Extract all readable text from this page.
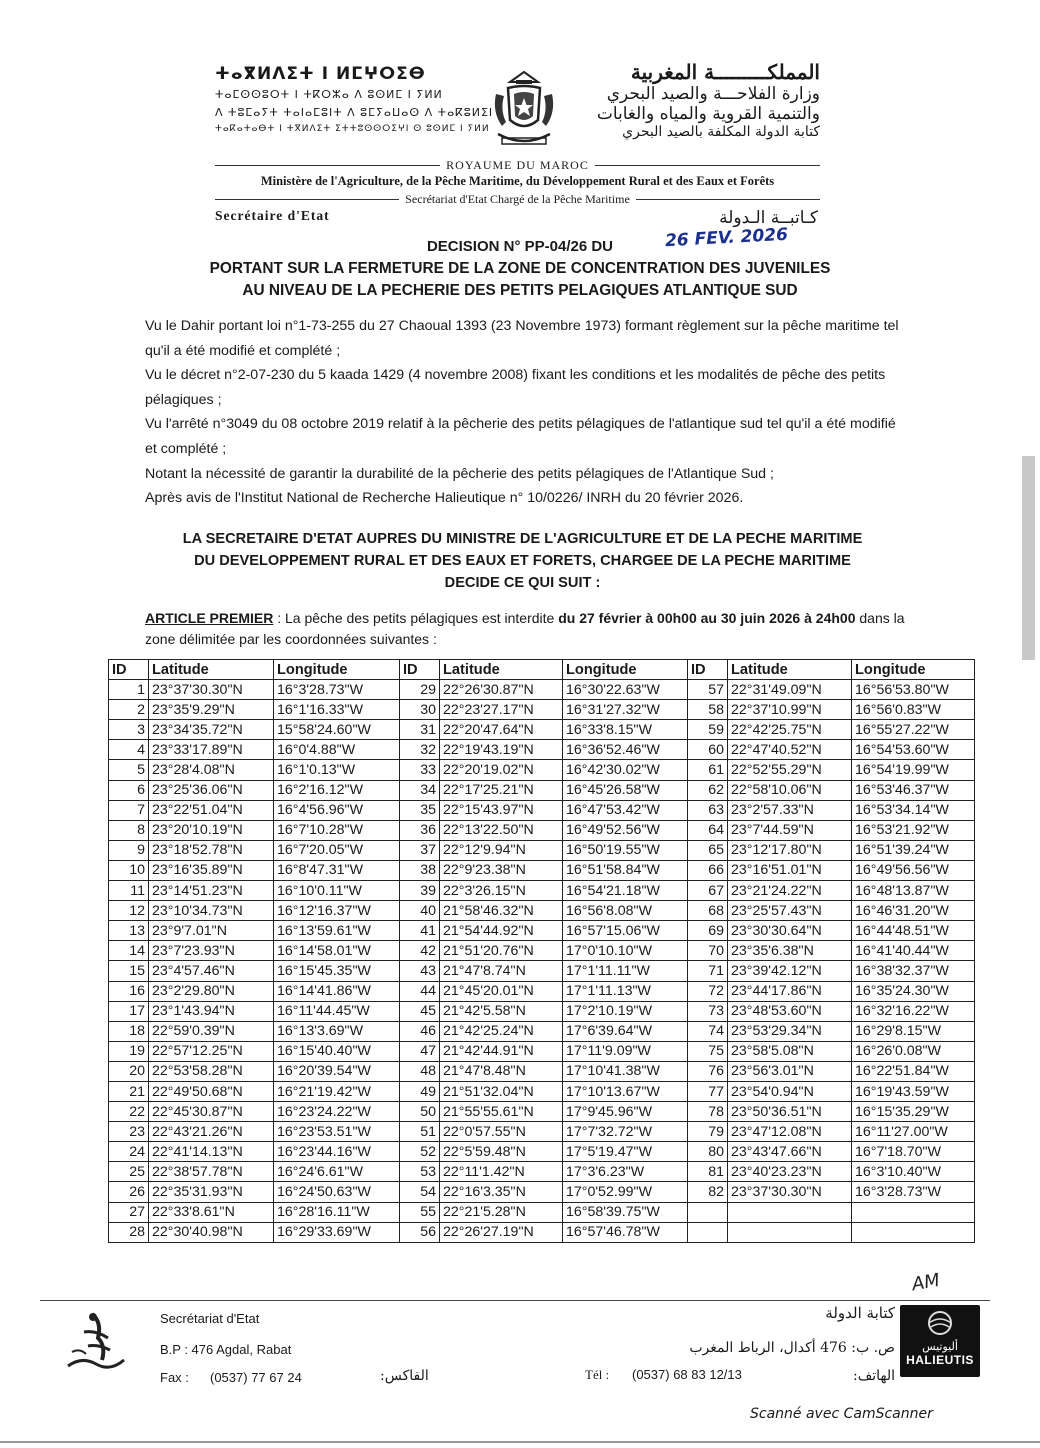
ⵜⴰⴳⵍⴷⵉⵜ ⵏ ⵍⵎⵖⵔⵉⴱ
ⵜⴰⵎⵙⵙⵓⵔⵜ ⵏ ⵜⴽⵔⵣⴰ ⴷ ⵓⵙⵍⵎ ⵏ ⵢⵍⵍ
ⴷ ⵜⵓⵎⴰⵢⵜ ⵜⴰⵏⴰⵎⵓⵏⵜ ⴷ ⵓⵎⵢⴰⵡⴰⵙ ⴷ ⵜⴰⴽⵓⵍⵉⵏ
ⵜⴰⴽⴰⵜⴰⴱⵜ ⵏ ⵜⴳⵍⴷⵉⵜ ⵉⵜⵜⵓⵙⵙⵔⵉⵖⵏ ⵙ ⵓⵙⵍⵎ ⵏ ⵢⵍⵍ
المملكـــــــــة المغربية
وزارة الفلاحـــة والصيد البحري
والتنمية القروية والمياه والغابات
كتابة الدولة المكلفة بالصيد البحري
ROYAUME DU MAROC
Ministère de l'Agriculture, de la Pêche Maritime, du Développement Rural et des Eaux et Forêts
Secrétariat d'Etat Chargé de la Pêche Maritime
Secrétaire d'Etat	كـاتبــة الـدولة
DECISION N° PP-04/26 DU	26 FEV. 2026
PORTANT SUR LA FERMETURE DE LA ZONE DE CONCENTRATION DES JUVENILES
AU NIVEAU DE LA PECHERIE DES PETITS PELAGIQUES ATLANTIQUE SUD

Vu le Dahir portant loi n°1-73-255 du 27 Chaoual 1393 (23 Novembre 1973) formant règlement sur la pêche maritime tel qu'il a été modifié et complété ;

Vu le décret n°2-07-230 du 5 kaada 1429 (4 novembre 2008) fixant les conditions et les modalités de pêche des petits pélagiques ;

Vu l'arrêté n°3049 du 08 octobre 2019 relatif à la pêcherie des petits pélagiques de l'atlantique sud tel qu'il a été modifié et complété ;

Notant la nécessité de garantir la durabilité de la pêcherie des petits pélagiques de l'Atlantique Sud ;

Après avis de l'Institut National de Recherche Halieutique n° 10/0226/ INRH du 20 février 2026.

LA SECRETAIRE D'ETAT AUPRES DU MINISTRE DE L'AGRICULTURE ET DE LA PECHE MARITIME
DU DEVELOPPEMENT RURAL ET DES EAUX ET FORETS, CHARGEE DE LA PECHE MARITIME
DECIDE CE QUI SUIT :
ARTICLE PREMIER : La pêche des petits pélagiques est interdite du 27 février à 00h00 au 30 juin 2026 à 24h00 dans la zone délimitée par les coordonnées suivantes :
ID	Latitude	Longitude	ID	Latitude	Longitude	ID	Latitude	Longitude
1	23°37'30.30"N	16°3'28.73"W	29	22°26'30.87"N	16°30'22.63"W	57	22°31'49.09"N	16°56'53.80"W
2	23°35'9.29"N	16°1'16.33"W	30	22°23'27.17"N	16°31'27.32"W	58	22°37'10.99"N	16°56'0.83"W
3	23°34'35.72"N	15°58'24.60"W	31	22°20'47.64"N	16°33'8.15"W	59	22°42'25.75"N	16°55'27.22"W
4	23°33'17.89"N	16°0'4.88"W	32	22°19'43.19"N	16°36'52.46"W	60	22°47'40.52"N	16°54'53.60"W
5	23°28'4.08"N	16°1'0.13"W	33	22°20'19.02"N	16°42'30.02"W	61	22°52'55.29"N	16°54'19.99"W
6	23°25'36.06"N	16°2'16.12"W	34	22°17'25.21"N	16°45'26.58"W	62	22°58'10.06"N	16°53'46.37"W
7	23°22'51.04"N	16°4'56.96"W	35	22°15'43.97"N	16°47'53.42"W	63	23°2'57.33"N	16°53'34.14"W
8	23°20'10.19"N	16°7'10.28"W	36	22°13'22.50"N	16°49'52.56"W	64	23°7'44.59"N	16°53'21.92"W
9	23°18'52.78"N	16°7'20.05"W	37	22°12'9.94"N	16°50'19.55"W	65	23°12'17.80"N	16°51'39.24"W
10	23°16'35.89"N	16°8'47.31"W	38	22°9'23.38"N	16°51'58.84"W	66	23°16'51.01"N	16°49'56.56"W
11	23°14'51.23"N	16°10'0.11"W	39	22°3'26.15"N	16°54'21.18"W	67	23°21'24.22"N	16°48'13.87"W
12	23°10'34.73"N	16°12'16.37"W	40	21°58'46.32"N	16°56'8.08"W	68	23°25'57.43"N	16°46'31.20"W
13	23°9'7.01"N	16°13'59.61"W	41	21°54'44.92"N	16°57'15.06"W	69	23°30'30.64"N	16°44'48.51"W
14	23°7'23.93"N	16°14'58.01"W	42	21°51'20.76"N	17°0'10.10"W	70	23°35'6.38"N	16°41'40.44"W
15	23°4'57.46"N	16°15'45.35"W	43	21°47'8.74"N	17°1'11.11"W	71	23°39'42.12"N	16°38'32.37"W
16	23°2'29.80"N	16°14'41.86"W	44	21°45'20.01"N	17°1'11.13"W	72	23°44'17.86"N	16°35'24.30"W
17	23°1'43.94"N	16°11'44.45"W	45	21°42'5.58"N	17°2'10.19"W	73	23°48'53.60"N	16°32'16.22"W
18	22°59'0.39"N	16°13'3.69"W	46	21°42'25.24"N	17°6'39.64"W	74	23°53'29.34"N	16°29'8.15"W
19	22°57'12.25"N	16°15'40.40"W	47	21°42'44.91"N	17°11'9.09"W	75	23°58'5.08"N	16°26'0.08"W
20	22°53'58.28"N	16°20'39.54"W	48	21°47'8.48"N	17°10'41.38"W	76	23°56'3.01"N	16°22'51.84"W
21	22°49'50.68"N	16°21'19.42"W	49	21°51'32.04"N	17°10'13.67"W	77	23°54'0.94"N	16°19'43.59"W
22	22°45'30.87"N	16°23'24.22"W	50	21°55'55.61"N	17°9'45.96"W	78	23°50'36.51"N	16°15'35.29"W
23	22°43'21.26"N	16°23'53.51"W	51	22°0'57.55"N	17°7'32.72"W	79	23°47'12.08"N	16°11'27.00"W
24	22°41'14.13"N	16°23'44.16"W	52	22°5'59.48"N	17°5'19.47"W	80	23°43'47.66"N	16°7'18.70"W
25	22°38'57.78"N	16°24'6.61"W	53	22°11'1.42"N	17°3'6.23"W	81	23°40'23.23"N	16°3'10.40"W
26	22°35'31.93"N	16°24'50.63"W	54	22°16'3.35"N	17°0'52.99"W	82	23°37'30.30"N	16°3'28.73"W
27	22°33'8.61"N	16°28'16.11"W	55	22°21'5.28"N	16°58'39.75"W			
28	22°30'40.98"N	16°29'33.69"W	56	22°26'27.19"N	16°57'46.78"W			
AM
Secrétariat d'Etat
B.P : 476 Agdal, Rabat
Fax : (0537) 77 67 24	الفاكس:	Tél : (0537) 68 83 12/13
كتابة الدولة
ص. ب: 476 أكدال، الرباط المغرب
الهاتف:
أليوتيس
HALIEUTIS
Scanné avec CamScanner
